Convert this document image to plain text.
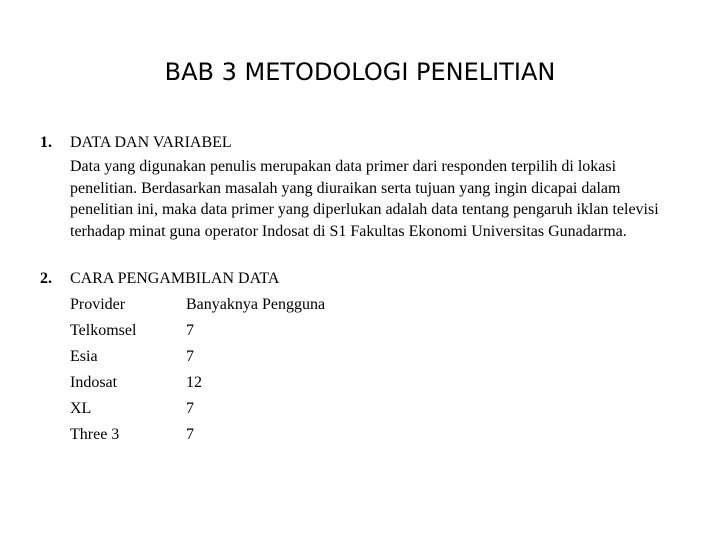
BAB 3 METODOLOGI PENELITIAN
1. DATA DAN VARIABEL
Data yang digunakan penulis merupakan data primer dari responden terpilih di lokasi penelitian. Berdasarkan masalah yang diuraikan serta tujuan yang ingin dicapai dalam penelitian ini, maka data primer yang diperlukan adalah data tentang pengaruh iklan televisi terhadap minat guna operator Indosat di S1 Fakultas Ekonomi Universitas Gunadarma.
2. CARA PENGAMBILAN DATA
Provider	Banyaknya Pengguna
Telkomsel	7
Esia	7
Indosat	12
XL	7
Three 3	7
